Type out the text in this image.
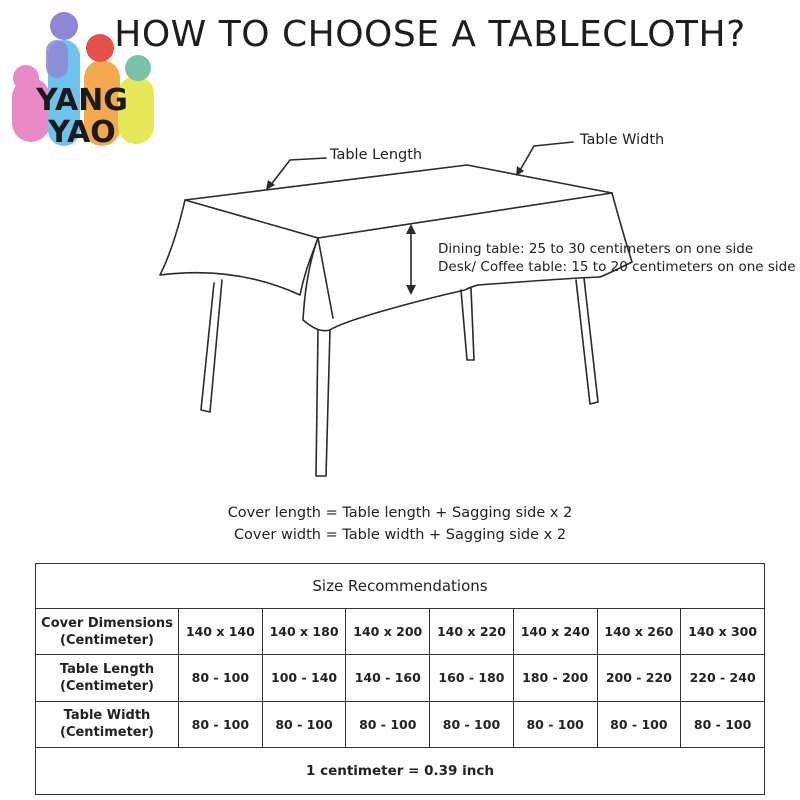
YANG
YAO
HOW TO CHOOSE A TABLECLOTH?
Table Length
Table Width
Dining table: 25 to 30 centimeters on one side
Desk/ Coffee table: 15 to 20 centimeters on one side
Cover length = Table length + Sagging side x 2
Cover width = Table width + Sagging side x 2
Size Recommendations							

Cover Dimensions
(Centimeter)	140 x 140	140 x 180	140 x 200	140 x 220	140 x 240	140 x 260	140 x 300

Table Length
(Centimeter)	80 - 100	100 - 140	140 - 160	160 - 180	180 - 200	200 - 220	220 - 240

Table Width
(Centimeter)	80 - 100	80 - 100	80 - 100	80 - 100	80 - 100	80 - 100	80 - 100
1 centimeter = 0.39 inch							
